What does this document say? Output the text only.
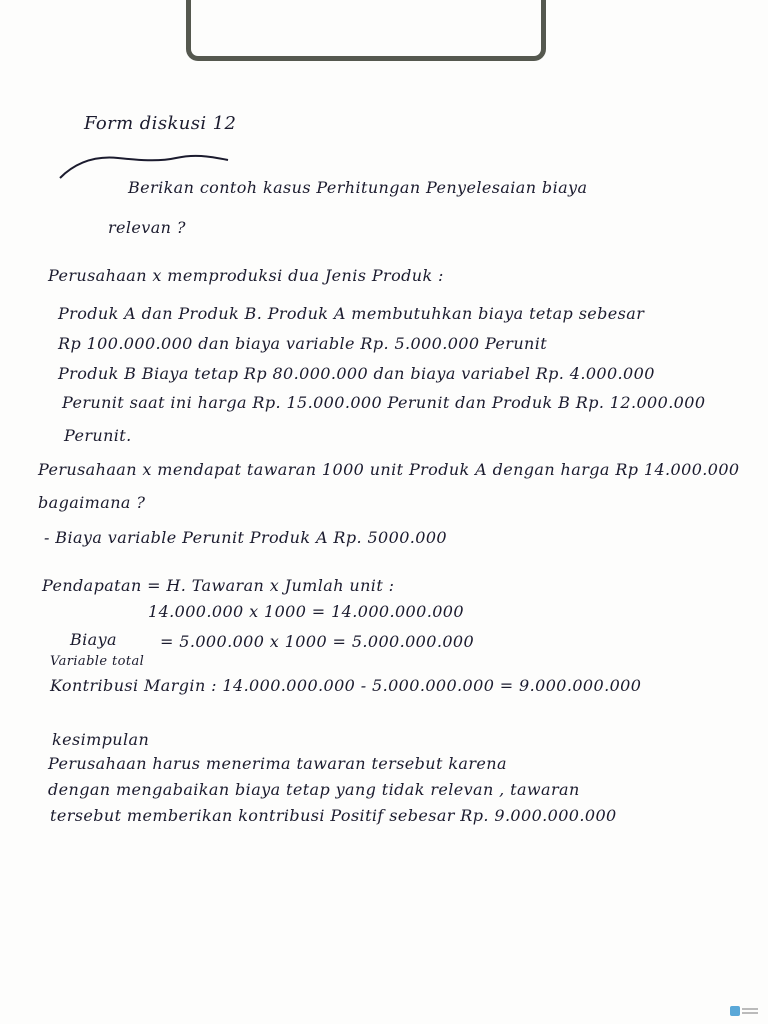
Form diskusi 12
Berikan contoh kasus Perhitungan Penyelesaian biaya
relevan ?
Perusahaan x memproduksi dua Jenis Produk :
Produk A dan Produk B. Produk A membutuhkan biaya tetap sebesar
Rp 100.000.000 dan biaya variable Rp. 5.000.000 Perunit
Produk B Biaya tetap Rp 80.000.000 dan biaya variabel Rp. 4.000.000
Perunit saat ini harga Rp. 15.000.000 Perunit dan Produk B Rp. 12.000.000
Perunit.
Perusahaan x mendapat tawaran 1000 unit Produk A dengan harga Rp 14.000.000
bagaimana ?
- Biaya variable Perunit Produk A Rp. 5000.000
Pendapatan = H. Tawaran x Jumlah unit :
14.000.000 x 1000 = 14.000.000.000
Biaya	= 5.000.000 x 1000 = 5.000.000.000
Variable total
Kontribusi Margin : 14.000.000.000 - 5.000.000.000 = 9.000.000.000
kesimpulan
Perusahaan harus menerima tawaran tersebut karena
dengan mengabaikan biaya tetap yang tidak relevan , tawaran
tersebut memberikan kontribusi Positif sebesar Rp. 9.000.000.000
